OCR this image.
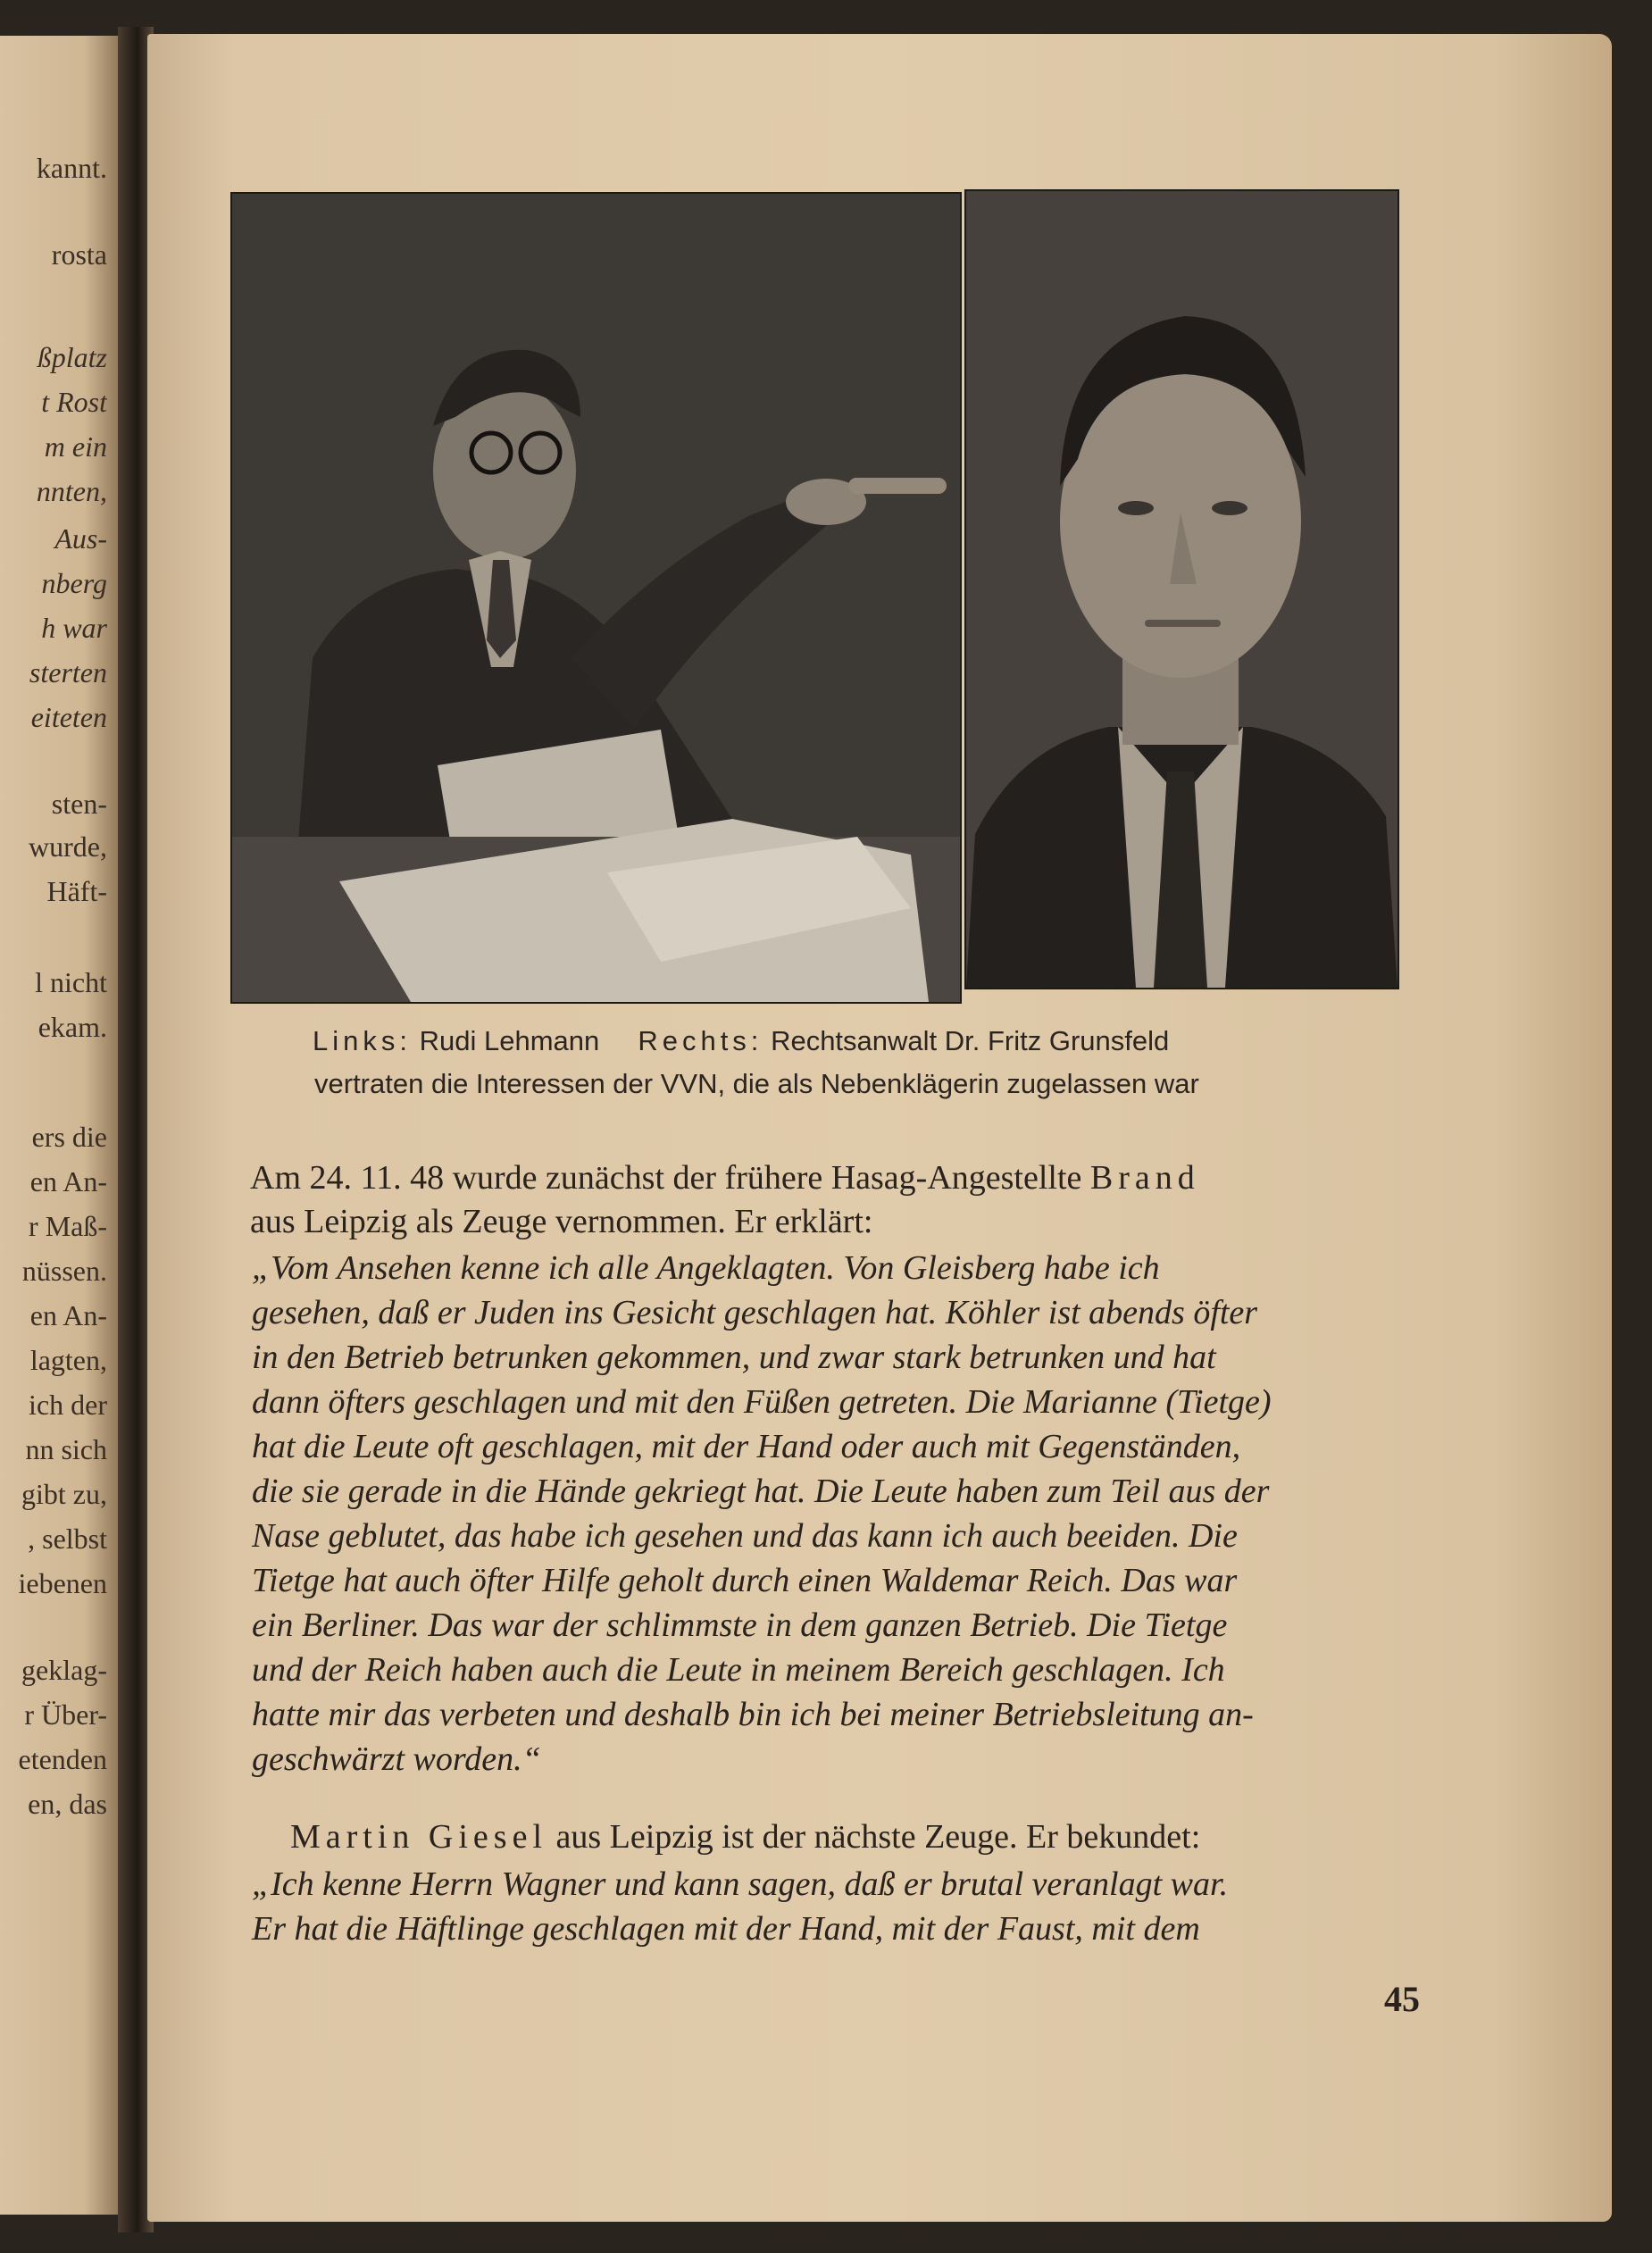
kannt.
rosta
ßplatz
t Rost
m ein
nnten,
Aus-
nberg
h war
sterten
eiteten
sten-
wurde,
Häft-
l nicht
ekam.
ers die
en An-
r Maß-
nüssen.
en An-
lagten,
ich der
nn sich
gibt zu,
, selbst
iebenen
geklag-
r Über-
etenden
en, das
Links: Rudi Lehmann Rechts: Rechtsanwalt Dr. Fritz Grunsfeld
vertraten die Interessen der VVN, die als Nebenklägerin zugelassen war
Am 24. 11. 48 wurde zunächst der frühere Hasag-Angestellte Brand
aus Leipzig als Zeuge vernommen. Er erklärt:
„Vom Ansehen kenne ich alle Angeklagten. Von Gleisberg habe ich
gesehen, daß er Juden ins Gesicht geschlagen hat. Köhler ist abends öfter
in den Betrieb betrunken gekommen, und zwar stark betrunken und hat
dann öfters geschlagen und mit den Füßen getreten. Die Marianne (Tietge)
hat die Leute oft geschlagen, mit der Hand oder auch mit Gegenständen,
die sie gerade in die Hände gekriegt hat. Die Leute haben zum Teil aus der
Nase geblutet, das habe ich gesehen und das kann ich auch beeiden. Die
Tietge hat auch öfter Hilfe geholt durch einen Waldemar Reich. Das war
ein Berliner. Das war der schlimmste in dem ganzen Betrieb. Die Tietge
und der Reich haben auch die Leute in meinem Bereich geschlagen. Ich
hatte mir das verbeten und deshalb bin ich bei meiner Betriebsleitung an-
geschwärzt worden.“
Martin Giesel aus Leipzig ist der nächste Zeuge. Er bekundet:
„Ich kenne Herrn Wagner und kann sagen, daß er brutal veranlagt war.
Er hat die Häftlinge geschlagen mit der Hand, mit der Faust, mit dem
45
